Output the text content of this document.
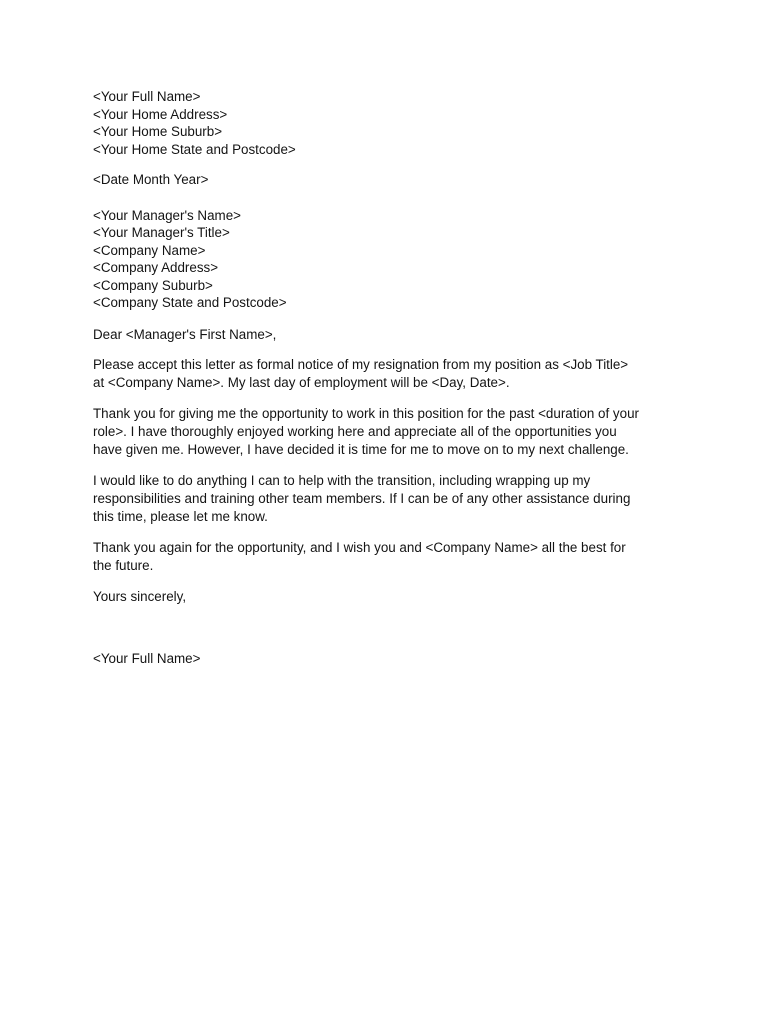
<Your Full Name>
<Your Home Address>
<Your Home Suburb>
<Your Home State and Postcode>
<Date Month Year>
<Your Manager's Name>
<Your Manager's Title>
<Company Name>
<Company Address>
<Company Suburb>
<Company State and Postcode>
Dear <Manager's First Name>,
Please accept this letter as formal notice of my resignation from my position as <Job Title>
at <Company Name>. My last day of employment will be <Day, Date>.
Thank you for giving me the opportunity to work in this position for the past <duration of your
role>. I have thoroughly enjoyed working here and appreciate all of the opportunities you
have given me. However, I have decided it is time for me to move on to my next challenge.
I would like to do anything I can to help with the transition, including wrapping up my
responsibilities and training other team members. If I can be of any other assistance during
this time, please let me know.
Thank you again for the opportunity, and I wish you and <Company Name> all the best for
the future.
Yours sincerely,
<Your Full Name>
